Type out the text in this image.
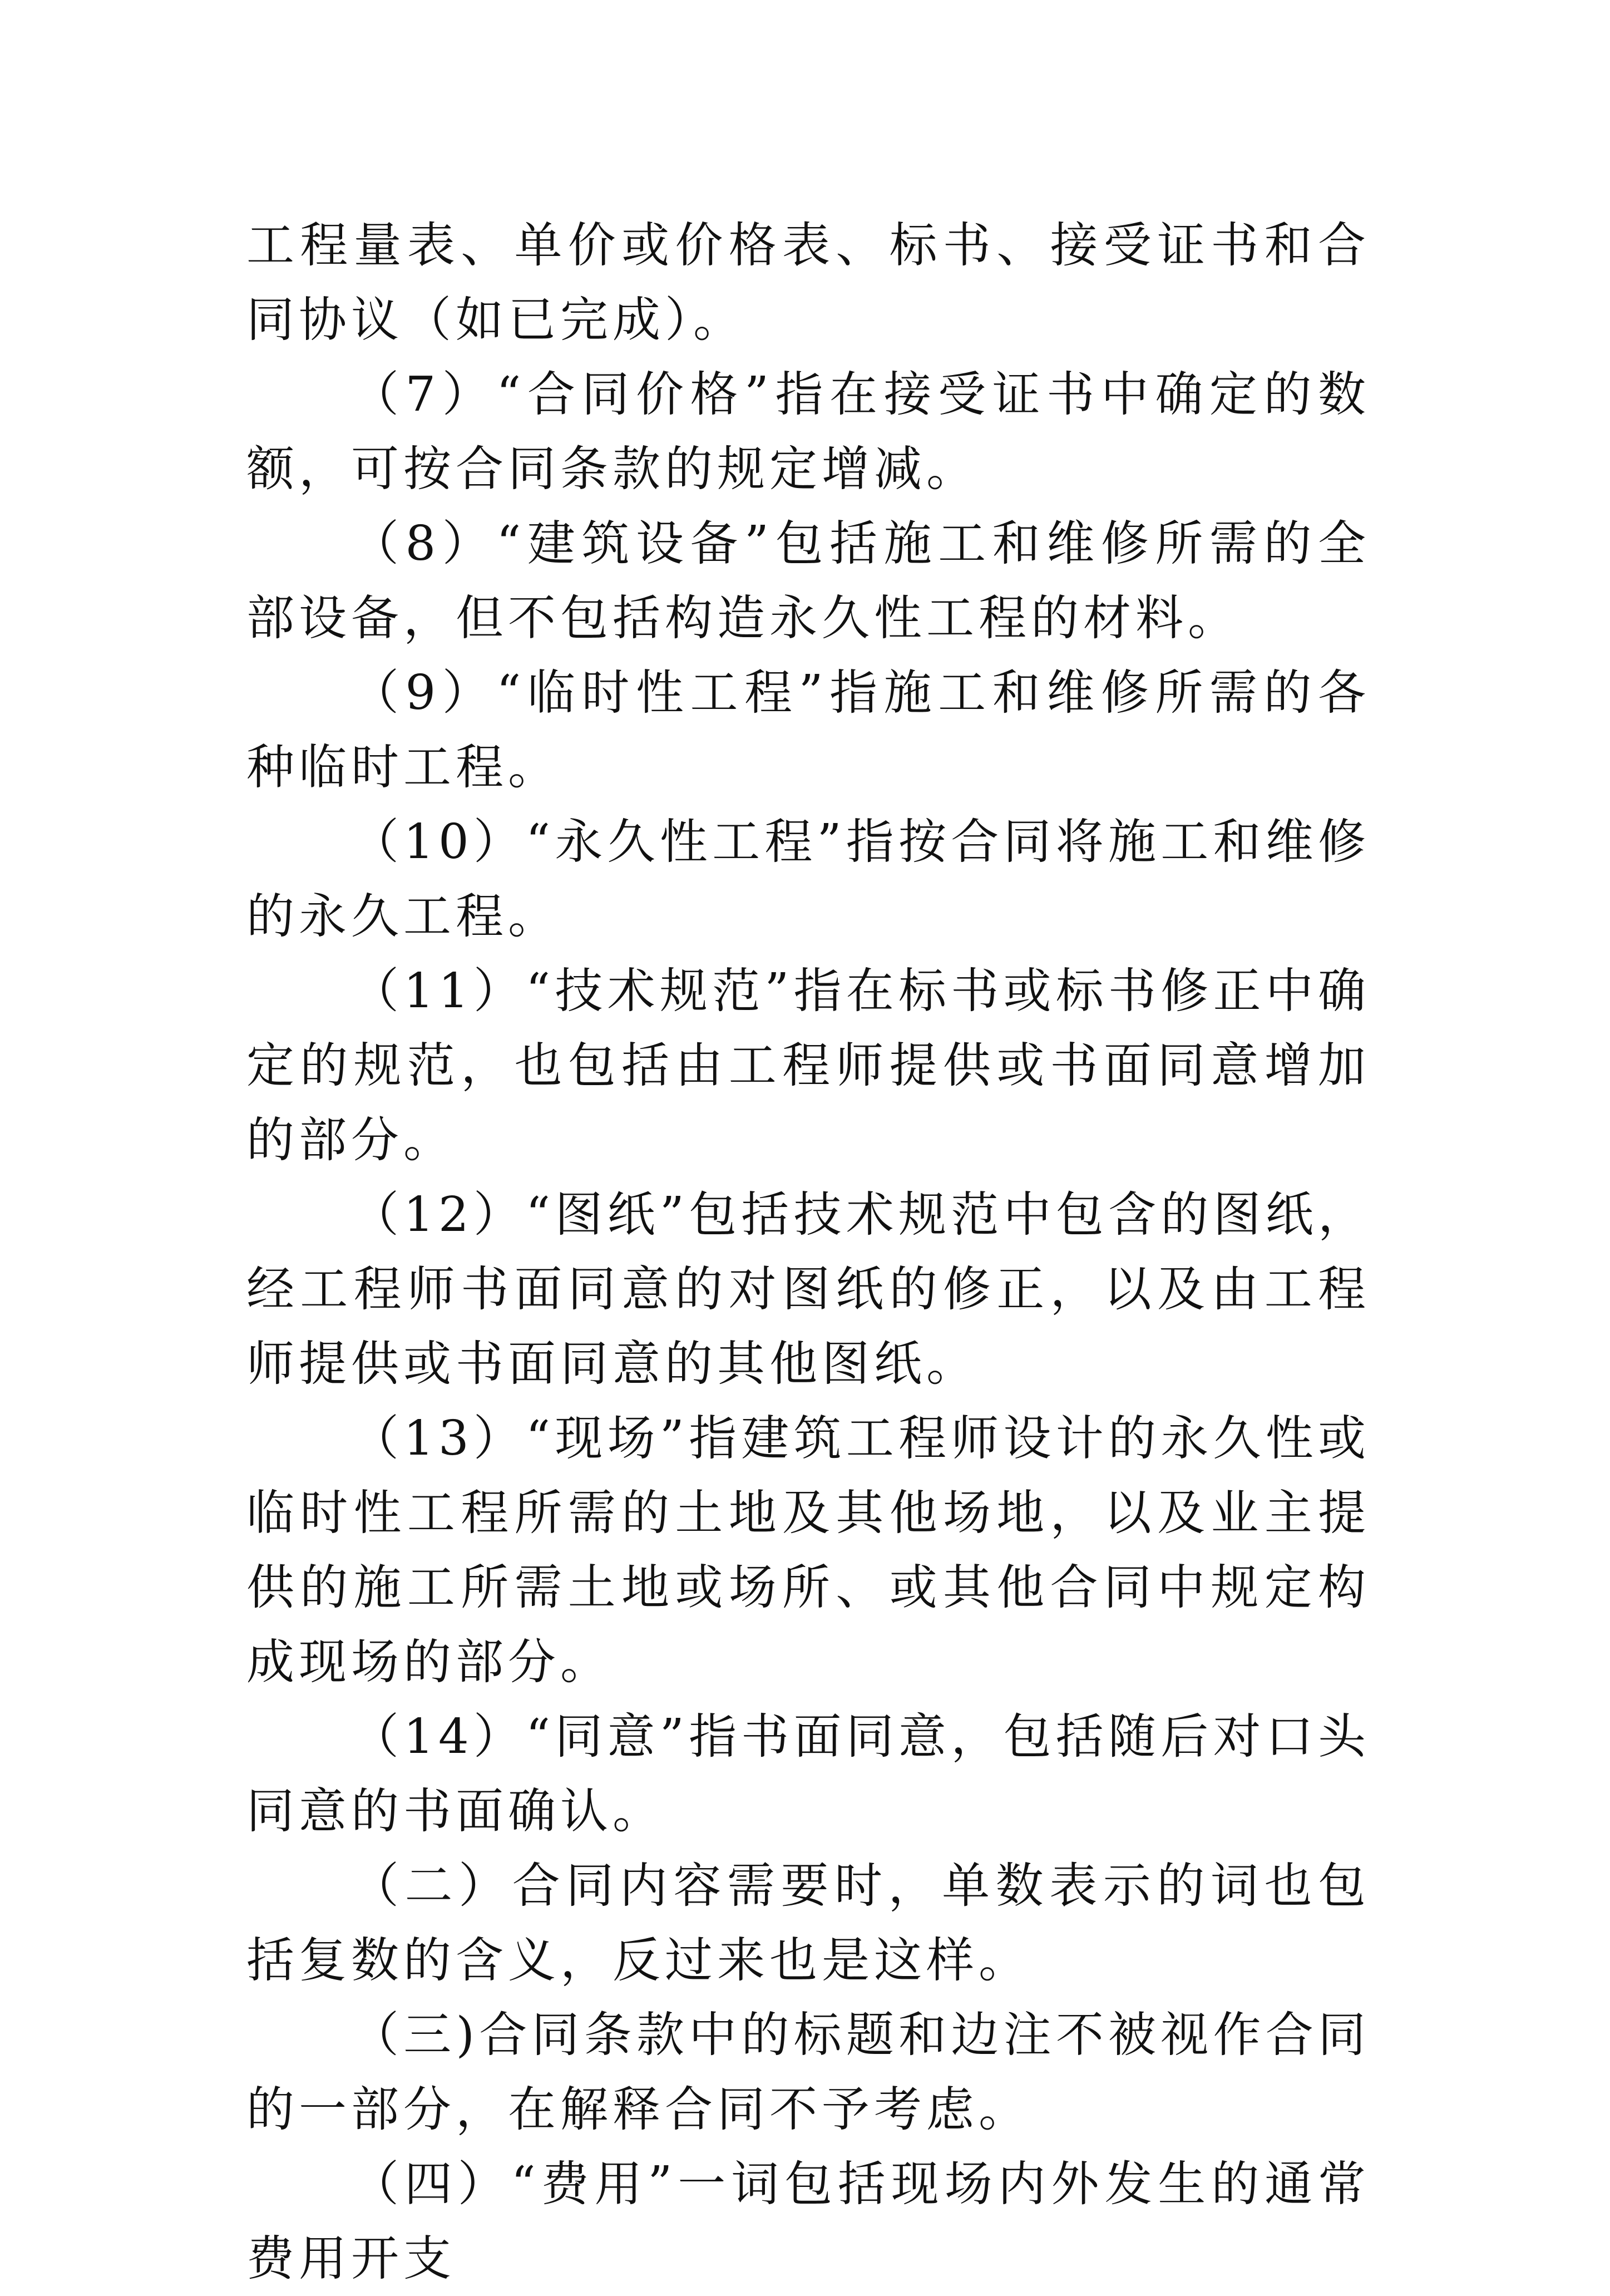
工程量表、单价或价格表、标书、接受证书和合同协议（如已完成）。

（7）“合同价格”指在接受证书中确定的数额，可按合同条款的规定增减。

（8）“建筑设备”包括施工和维修所需的全部设备，但不包括构造永久性工程的材料。

（9）“临时性工程”指施工和维修所需的各种临时工程。

（10）“永久性工程”指按合同将施工和维修的永久工程。

（11）“技术规范”指在标书或标书修正中确定的规范，也包括由工程师提供或书面同意增加的部分。

（12）“图纸”包括技术规范中包含的图纸，经工程师书面同意的对图纸的修正，以及由工程师提供或书面同意的其他图纸。

（13）“现场”指建筑工程师设计的永久性或临时性工程所需的土地及其他场地，以及业主提供的施工所需土地或场所、或其他合同中规定构成现场的部分。

（14）“同意”指书面同意，包括随后对口头同意的书面确认。

（二）合同内容需要时，单数表示的词也包括复数的含义，反过来也是这样。

（三)合同条款中的标题和边注不被视作合同的一部分，在解释合同不予考虑。

（四）“费用”一词包括现场内外发生的通常费用开支
